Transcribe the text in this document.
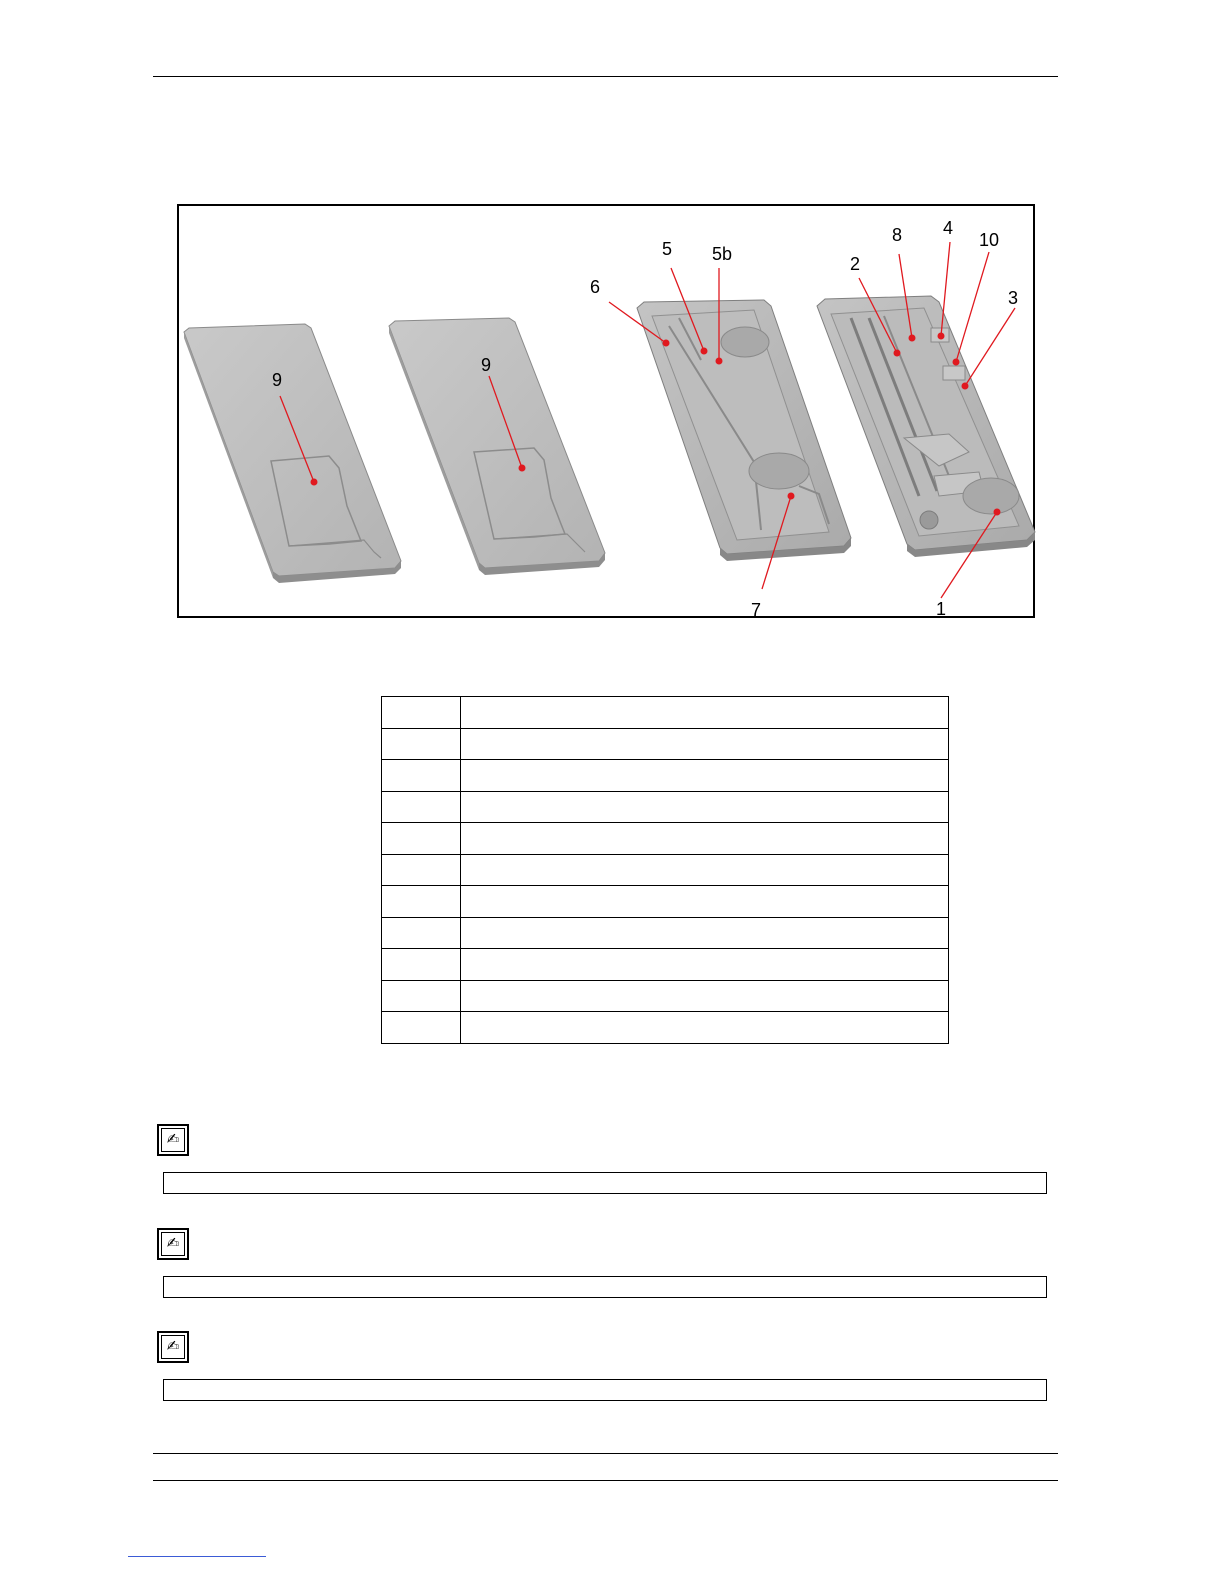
9
9
6
5 5b
7
2
8 4
10
3
1

✍
✍
✍
